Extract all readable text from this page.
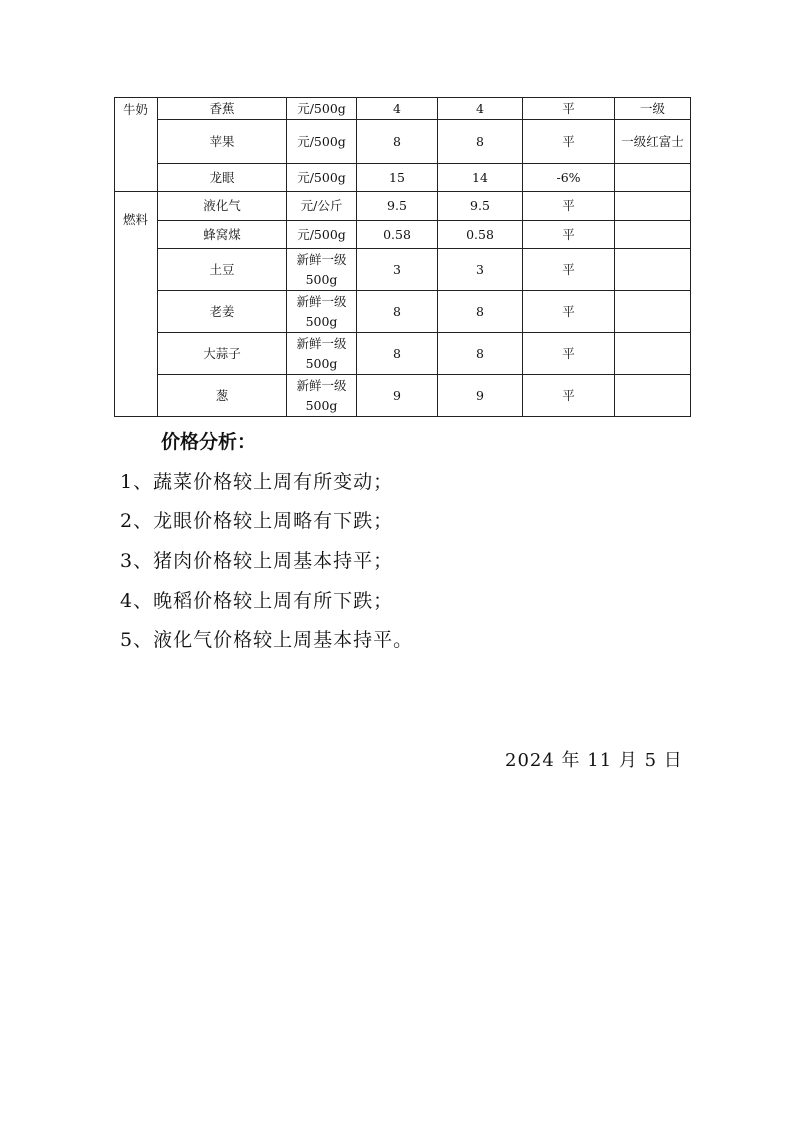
牛奶	香蕉	元/500g	4	4	平	一级
	苹果	元/500g	8	8	平	一级红富士
	龙眼	元/500g	15	14	-6%	
燃料	液化气	元/公斤	9.5	9.5	平	
	蜂窝煤	元/500g	0.58	0.58	平	
	土豆	新鲜一级500g	3	3	平	
	老姜	新鲜一级500g	8	8	平	
	大蒜子	新鲜一级500g	8	8	平	
	葱	新鲜一级500g	9	9	平	
价格分析：
1、蔬菜价格较上周有所变动；
2、龙眼价格较上周略有下跌；
3、猪肉价格较上周基本持平；
4、晚稻价格较上周有所下跌；
5、液化气价格较上周基本持平。
2024 年 11 月 5 日
